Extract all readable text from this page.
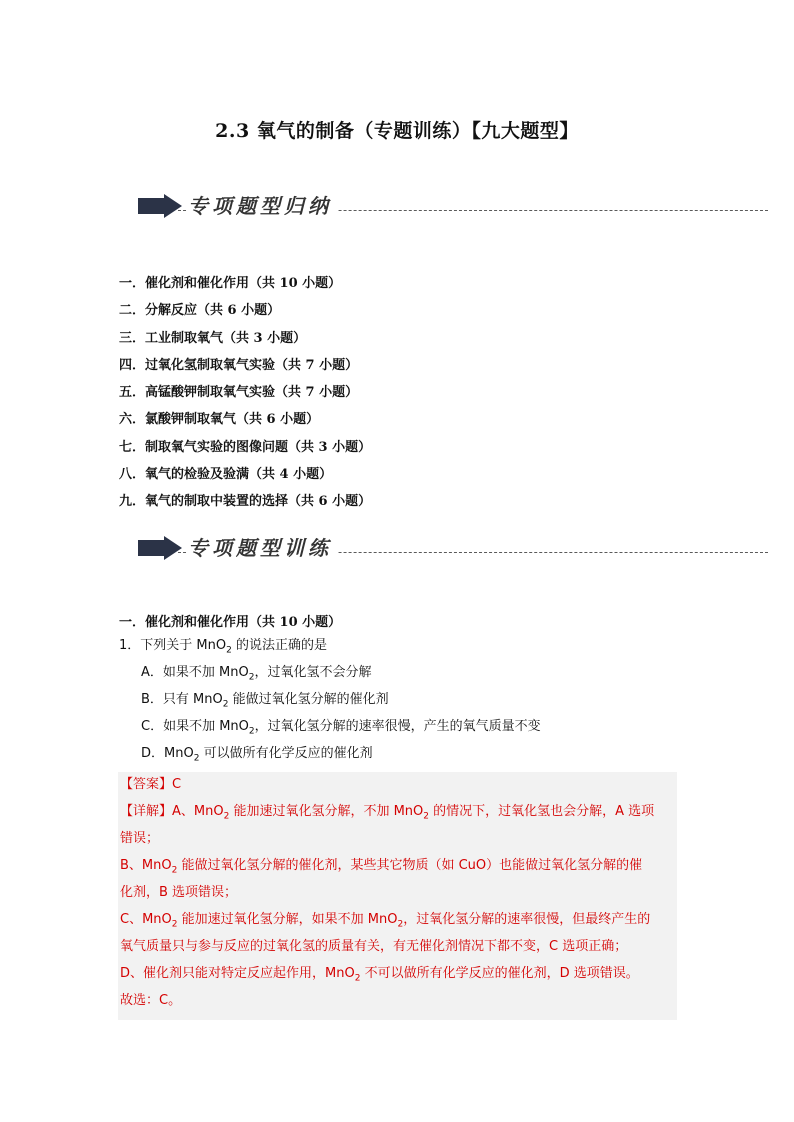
2.3 氧气的制备（专题训练）【九大题型】
专项题型归纳
一．催化剂和催化作用（共 10 小题）
二．分解反应（共 6 小题）
三．工业制取氧气（共 3 小题）
四．过氧化氢制取氧气实验（共 7 小题）
五．高锰酸钾制取氧气实验（共 7 小题）
六．氯酸钾制取氧气（共 6 小题）
七．制取氧气实验的图像问题（共 3 小题）
八．氧气的检验及验满（共 4 小题）
九．氧气的制取中装置的选择（共 6 小题）
专项题型训练
一．催化剂和催化作用（共 10 小题）
1．下列关于 MnO$_2$ 的说法正确的是
A．如果不加 MnO$_2$，过氧化氢不会分解
B．只有 MnO$_2$ 能做过氧化氢分解的催化剂
C．如果不加 MnO$_2$，过氧化氢分解的速率很慢，产生的氧气质量不变
D．MnO$_2$ 可以做所有化学反应的催化剂
【答案】C
【详解】A、MnO$_2$ 能加速过氧化氢分解，不加 MnO$_2$ 的情况下，过氧化氢也会分解，A 选项
错误；
B、MnO$_2$ 能做过氧化氢分解的催化剂，某些其它物质（如 CuO）也能做过氧化氢分解的催
化剂，B 选项错误；
C、MnO$_2$ 能加速过氧化氢分解，如果不加 MnO$_2$，过氧化氢分解的速率很慢，但最终产生的
氧气质量只与参与反应的过氧化氢的质量有关，有无催化剂情况下都不变，C 选项正确；
D、催化剂只能对特定反应起作用，MnO$_2$ 不可以做所有化学反应的催化剂，D 选项错误。
故选：C。
